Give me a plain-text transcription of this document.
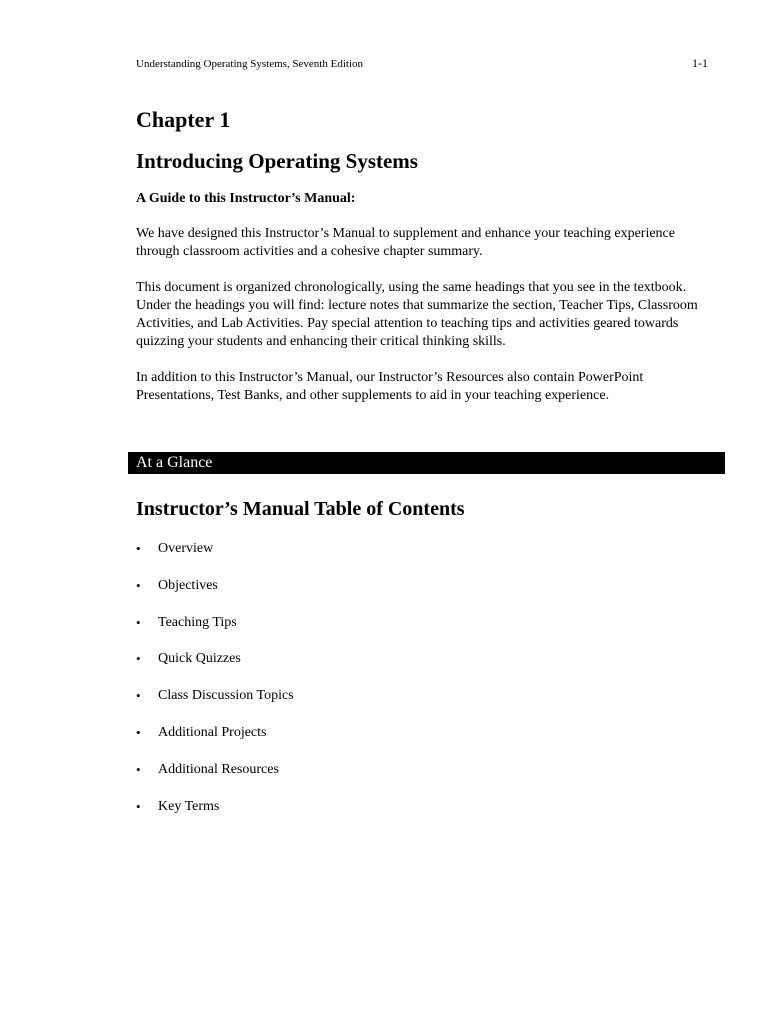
Understanding Operating Systems, Seventh Edition	1-1
Chapter 1
Introducing Operating Systems
A Guide to this Instructor’s Manual:

We have designed this Instructor’s Manual to supplement and enhance your teaching experience through classroom activities and a cohesive chapter summary.

This document is organized chronologically, using the same headings that you see in the textbook. Under the headings you will find: lecture notes that summarize the section, Teacher Tips, Classroom Activities, and Lab Activities. Pay special attention to teaching tips and activities geared towards quizzing your students and enhancing their critical thinking skills.

In addition to this Instructor’s Manual, our Instructor’s Resources also contain PowerPoint Presentations, Test Banks, and other supplements to aid in your teaching experience.

At a Glance
Instructor’s Manual Table of Contents
• Overview
• Objectives
• Teaching Tips
• Quick Quizzes
• Class Discussion Topics
• Additional Projects
• Additional Resources
• Key Terms
